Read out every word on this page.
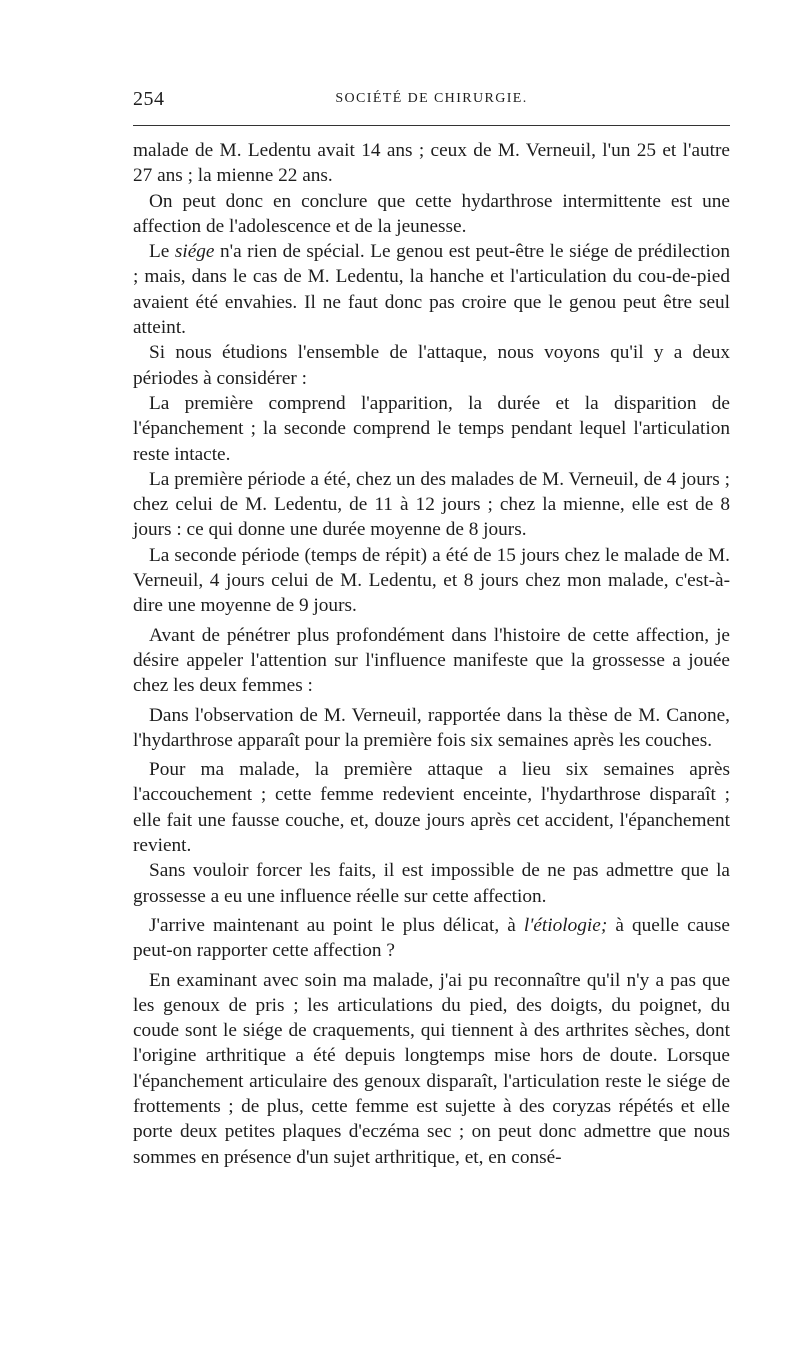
254	SOCIÉTÉ DE CHIRURGIE.

malade de M. Ledentu avait 14 ans ; ceux de M. Verneuil, l'un 25 et l'autre 27 ans ; la mienne 22 ans.

On peut donc en conclure que cette hydarthrose intermittente est une affection de l'adolescence et de la jeunesse.

Le siége n'a rien de spécial. Le genou est peut-être le siége de prédilection ; mais, dans le cas de M. Ledentu, la hanche et l'articulation du cou-de-pied avaient été envahies. Il ne faut donc pas croire que le genou peut être seul atteint.

Si nous étudions l'ensemble de l'attaque, nous voyons qu'il y a deux périodes à considérer :

La première comprend l'apparition, la durée et la disparition de l'épanchement ; la seconde comprend le temps pendant lequel l'articulation reste intacte.

La première période a été, chez un des malades de M. Verneuil, de 4 jours ; chez celui de M. Ledentu, de 11 à 12 jours ; chez la mienne, elle est de 8 jours : ce qui donne une durée moyenne de 8 jours.

La seconde période (temps de répit) a été de 15 jours chez le malade de M. Verneuil, 4 jours celui de M. Ledentu, et 8 jours chez mon malade, c'est-à-dire une moyenne de 9 jours.

Avant de pénétrer plus profondément dans l'histoire de cette affection, je désire appeler l'attention sur l'influence manifeste que la grossesse a jouée chez les deux femmes :

Dans l'observation de M. Verneuil, rapportée dans la thèse de M. Canone, l'hydarthrose apparaît pour la première fois six semaines après les couches.

Pour ma malade, la première attaque a lieu six semaines après l'accouchement ; cette femme redevient enceinte, l'hydarthrose disparaît ; elle fait une fausse couche, et, douze jours après cet accident, l'épanchement revient.

Sans vouloir forcer les faits, il est impossible de ne pas admettre que la grossesse a eu une influence réelle sur cette affection.

J'arrive maintenant au point le plus délicat, à l'étiologie; à quelle cause peut-on rapporter cette affection ?

En examinant avec soin ma malade, j'ai pu reconnaître qu'il n'y a pas que les genoux de pris ; les articulations du pied, des doigts, du poignet, du coude sont le siége de craquements, qui tiennent à des arthrites sèches, dont l'origine arthritique a été depuis longtemps mise hors de doute. Lorsque l'épanchement articulaire des genoux disparaît, l'articulation reste le siége de frottements ; de plus, cette femme est sujette à des coryzas répétés et elle porte deux petites plaques d'eczéma sec ; on peut donc admettre que nous sommes en présence d'un sujet arthritique, et, en consé-
